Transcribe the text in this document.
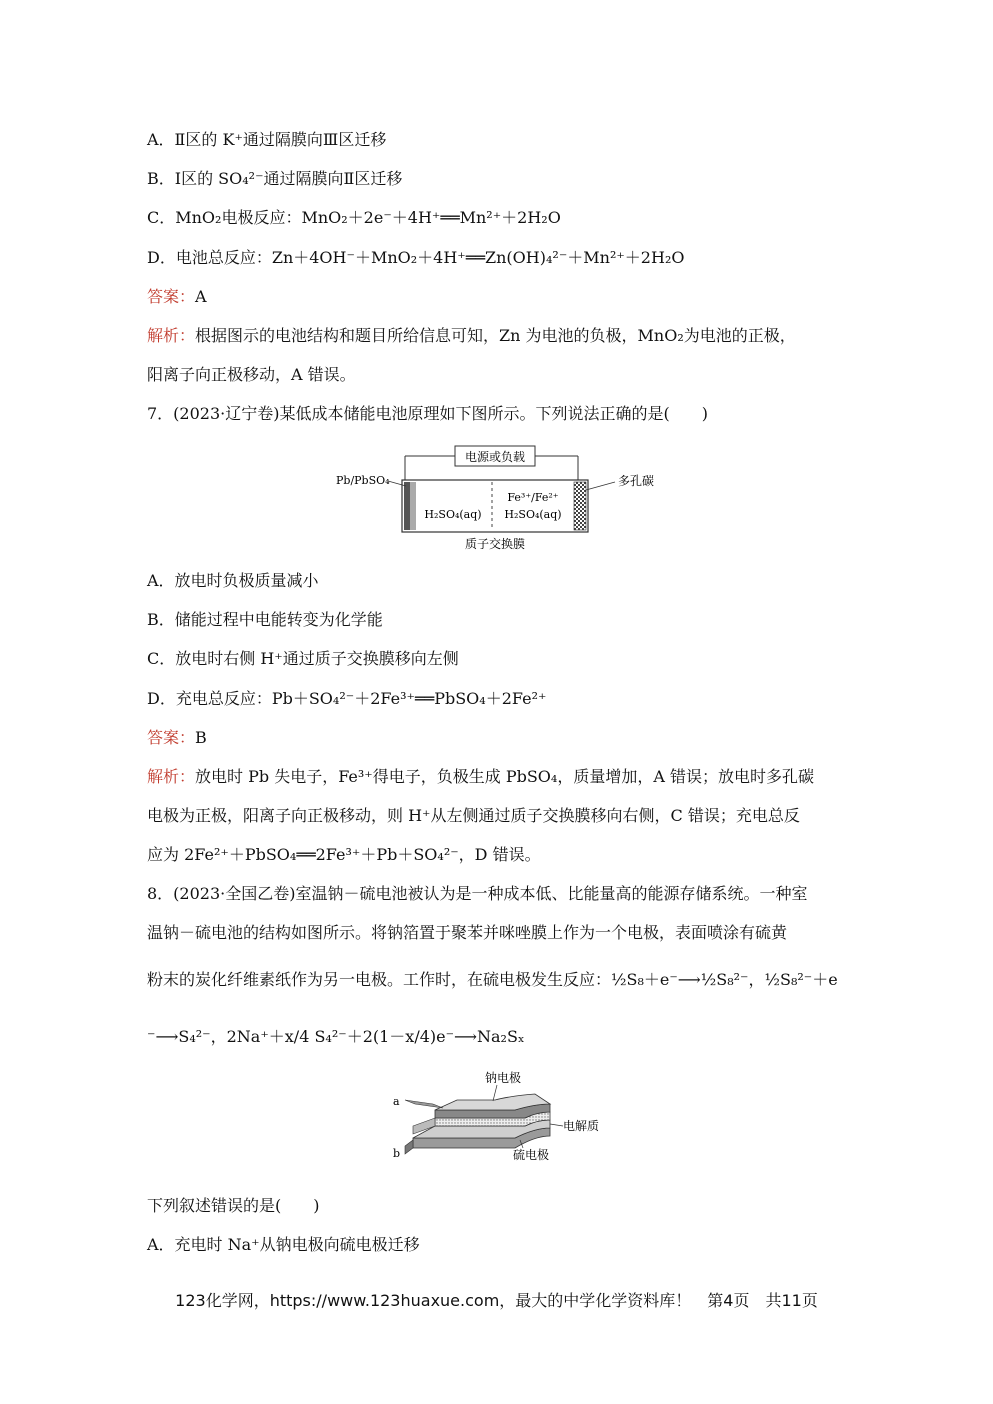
A．Ⅱ区的 K⁺通过隔膜向Ⅲ区迁移
B．Ⅰ区的 SO₄²⁻通过隔膜向Ⅱ区迁移
C．MnO₂电极反应：MnO₂＋2e⁻＋4H⁺══Mn²⁺＋2H₂O
D．电池总反应：Zn＋4OH⁻＋MnO₂＋4H⁺══Zn(OH)₄²⁻＋Mn²⁺＋2H₂O
答案：A
解析：根据图示的电池结构和题目所给信息可知，Zn 为电池的负极，MnO₂为电池的正极，
阳离子向正极移动，A 错误。
7．(2023·辽宁卷)某低成本储能电池原理如下图所示。下列说法正确的是(　　)
电源或负载
Pb/PbSO₄
H₂SO₄(aq)
Fe³⁺/Fe²⁺
H₂SO₄(aq)
多孔碳
质子交换膜
A．放电时负极质量减小
B．储能过程中电能转变为化学能
C．放电时右侧 H⁺通过质子交换膜移向左侧
D．充电总反应：Pb＋SO₄²⁻＋2Fe³⁺══PbSO₄＋2Fe²⁺
答案：B
解析：放电时 Pb 失电子，Fe³⁺得电子，负极生成 PbSO₄，质量增加，A 错误；放电时多孔碳
电极为正极，阳离子向正极移动，则 H⁺从左侧通过质子交换膜移向右侧，C 错误；充电总反
应为 2Fe²⁺＋PbSO₄══2Fe³⁺＋Pb＋SO₄²⁻，D 错误。
8．(2023·全国乙卷)室温钠－硫电池被认为是一种成本低、比能量高的能源存储系统。一种室
温钠－硫电池的结构如图所示。将钠箔置于聚苯并咪唑膜上作为一个电极，表面喷涂有硫黄
粉末的炭化纤维素纸作为另一电极。工作时，在硫电极发生反应：½S₈＋e⁻⟶½S₈²⁻，½S₈²⁻＋e
⁻⟶S₄²⁻，2Na⁺＋x/4 S₄²⁻＋2(1－x/4)e⁻⟶Na₂Sₓ
a
b
钠电极
电解质
硫电极
下列叙述错误的是(　　)
A．充电时 Na⁺从钠电极向硫电极迁移
123化学网，https://www.123huaxue.com，最大的中学化学资料库！　第4页　共11页
